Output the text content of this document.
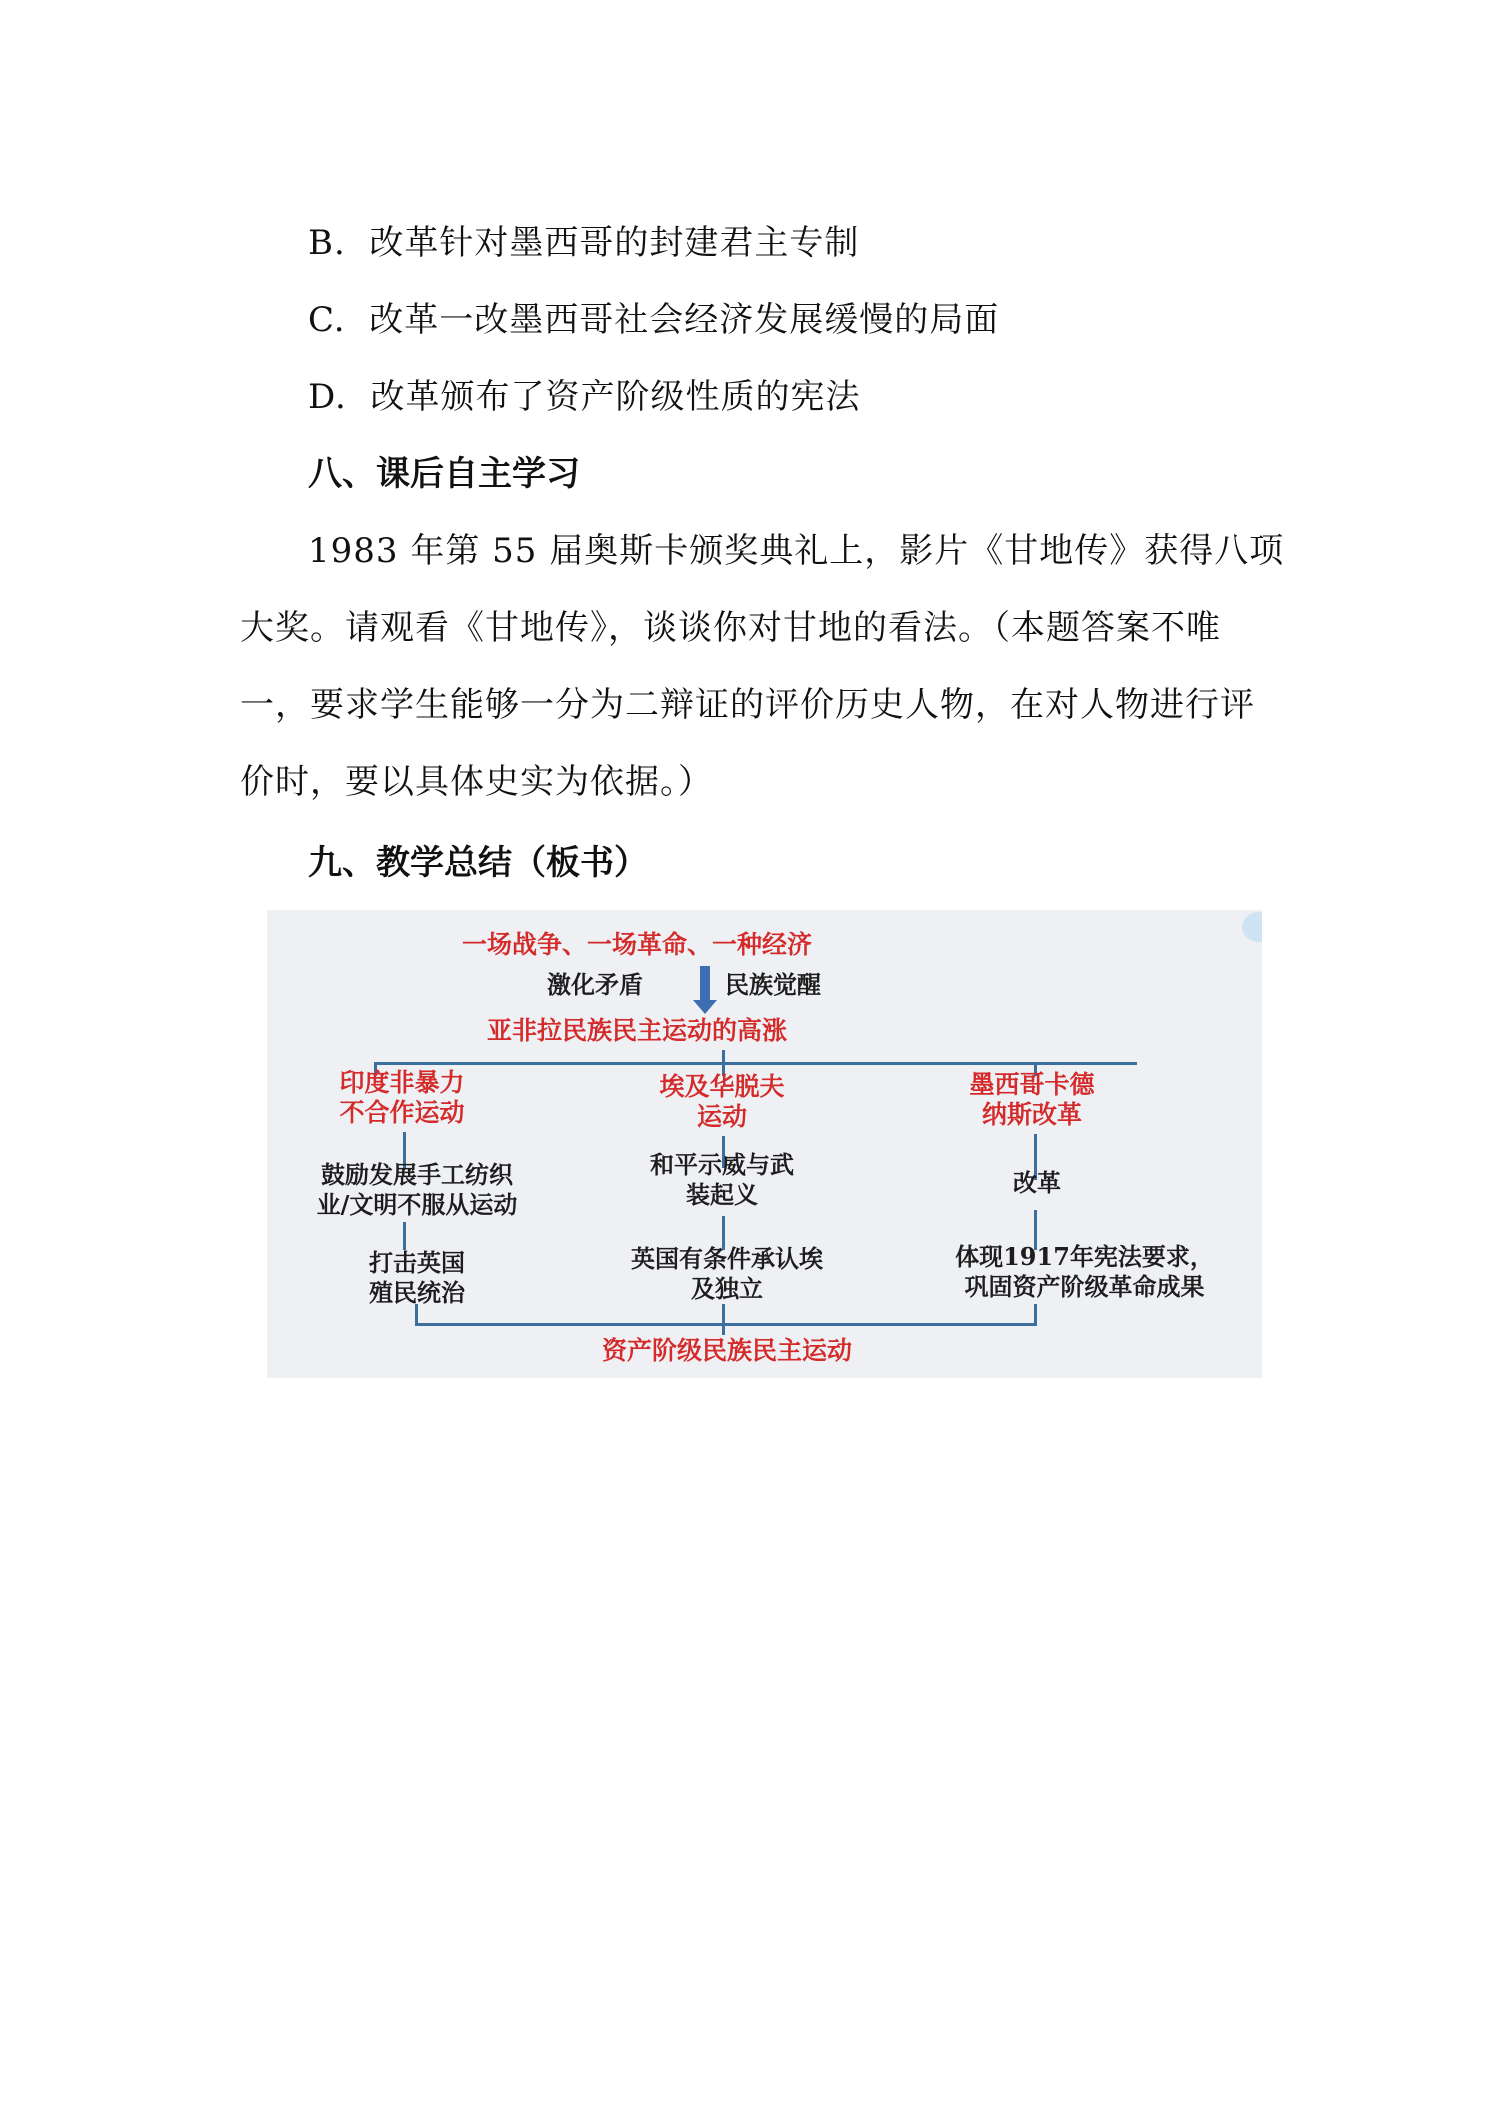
B. 改革针对墨西哥的封建君主专制
C. 改革一改墨西哥社会经济发展缓慢的局面
D. 改革颁布了资产阶级性质的宪法
八、课后自主学习
1983 年第 55 届奥斯卡颁奖典礼上，影片《甘地传》获得八项
大奖。请观看《甘地传》，谈谈你对甘地的看法。（本题答案不唯
一，要求学生能够一分为二辩证的评价历史人物，在对人物进行评
价时，要以具体史实为依据。）
九、教学总结（板书）
一场战争、一场革命、一种经济
激化矛盾	民族觉醒
亚非拉民族民主运动的高涨
印度非暴力
不合作运动
鼓励发展手工纺织
业/文明不服从运动
打击英国
殖民统治
埃及华脱夫
运动
和平示威与武
装起义
英国有条件承认埃
及独立
墨西哥卡德
纳斯改革
改革
体现1917年宪法要求，
巩固资产阶级革命成果
资产阶级民族民主运动
